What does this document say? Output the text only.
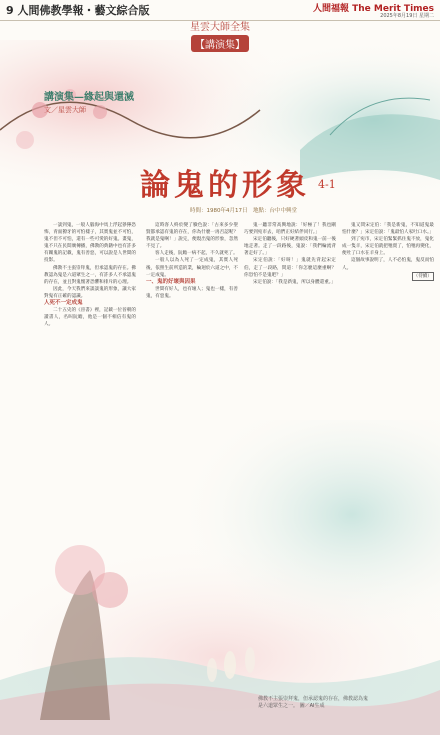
9 人間佛教學報・藝文綜合版	人間福報 The Merit Times
2025年8月19日 星期二
星雲大師全集
【講演集】
講演集—緣起與還滅
文／星雲大師
論鬼的形象 4-1
時間：1980年4月17日　地點：台中中興堂

一談到鬼，一般人腦海中馬上浮起猙獰恐怖，青面獠牙的可怕樣子，其實鬼並不可怕，鬼不但不可怕，還有一些可愛的好鬼。畫鬼，鬼不只在民間廣傳播，佛教的典籍中也有許多有關鬼的記載，鬼有善惡，可以說是人世間的投影。

佛教不主張崇拜鬼，但承認鬼的存在。佛教認為鬼是六道眾生之一，有許多人不承認鬼的存在，並且對鬼懷著恐懼和排斥的心理。

因此，今天我們來談談鬼的形象，讓大家對鬼有正確的認識。

人死不一定成鬼

二十五史的《晉書》裡，記載一位晉朝的讀書人，名叫阮瞻，他是一個不相信有鬼的人。

這時客人終於變了臉色說：「古來多少聖賢都承認有鬼的存在，你為什麼一再否認呢？我就是鬼啊！」說完，便現出鬼的形象，忽然不見了。

客人走後，阮瞻一病不起，不久就死了。

一般人以為人死了一定成鬼，其實人死後，依照生前所造的業，輪迴於六道之中，不一定成鬼。

一、鬼的好壞與因果

世間有好人，也有壞人；鬼也一樣，有善鬼，有惡鬼。

鬼一聽非常高興地說：「好極了！我也剛巧要到宛市去，咱們正好結伴同行。」

宋定伯聽後，只好硬著頭皮和鬼一前一後地走著。走了一段路後，鬼說：「我們輪流背著走好了。」

宋定伯說：「好呀！」鬼就先背起宋定伯，走了一段路，問道：「你怎麼這麼重啊？你恐怕不是鬼吧？」

宋定伯說：「我是新鬼，所以身體還重。」

鬼又問宋定伯：「我是新鬼，不知道鬼最怕什麼？」宋定伯說：「鬼最怕人家吐口水。」

到了宛市，宋定伯緊緊抓住鬼不放，鬼化成一隻羊，宋定伯就把牠賣了，怕牠再變化，便吐了口水在羊身上。

這個故事說明了，人不必怕鬼，鬼反而怕人。

（待續）
佛教不主張崇拜鬼，但承認鬼的存在，佛教認為鬼是六道眾生之一。 圖／AI生成
